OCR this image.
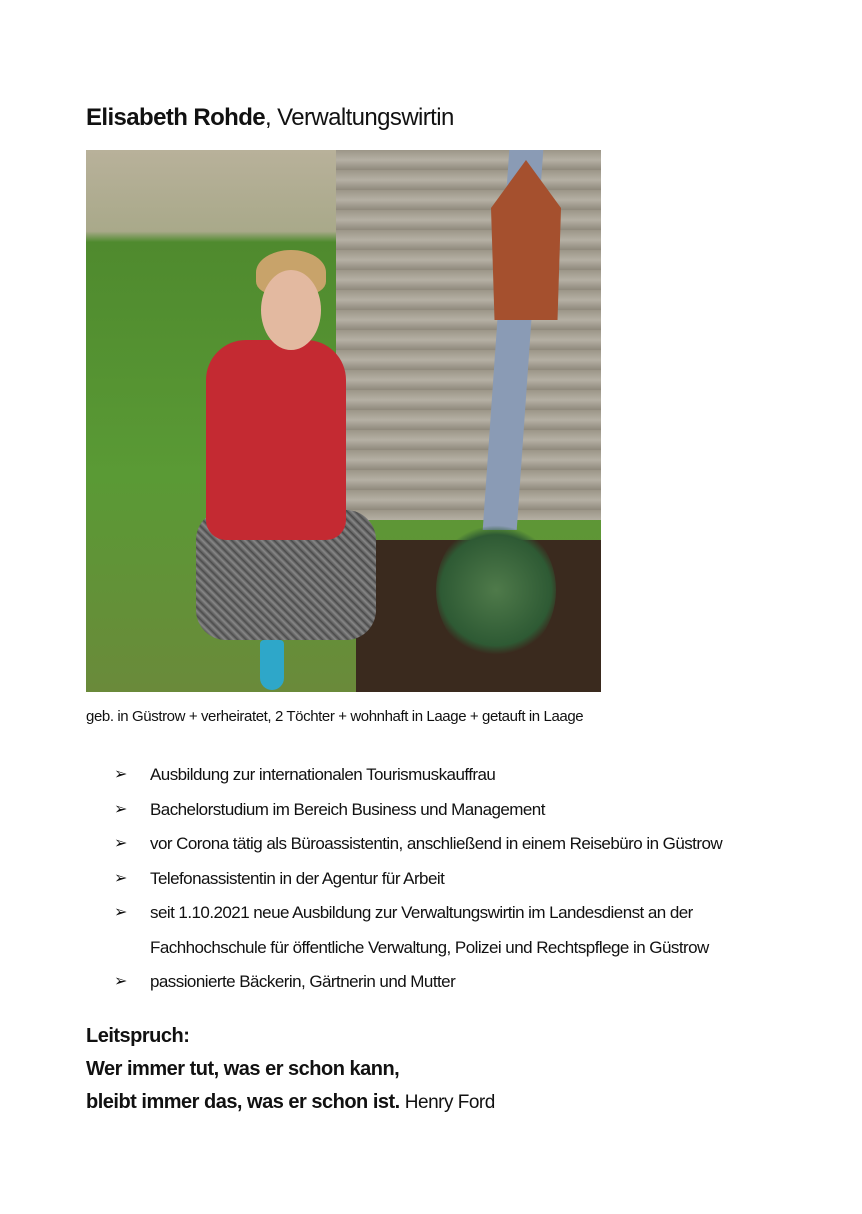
Elisabeth Rohde, Verwaltungswirtin
geb. in Güstrow + verheiratet, 2 Töchter + wohnhaft in Laage + getauft in Laage
➢ Ausbildung zur internationalen Tourismuskauffrau
➢ Bachelorstudium im Bereich Business und Management
➢ vor Corona tätig als Büroassistentin, anschließend in einem Reisebüro in Güstrow
➢ Telefonassistentin in der Agentur für Arbeit
➢ seit 1.10.2021 neue Ausbildung zur Verwaltungswirtin im Landesdienst an der Fachhochschule für öffentliche Verwaltung, Polizei und Rechtspflege in Güstrow
➢ passionierte Bäckerin, Gärtnerin und Mutter
Leitspruch:
Wer immer tut, was er schon kann,
bleibt immer das, was er schon ist. Henry Ford
